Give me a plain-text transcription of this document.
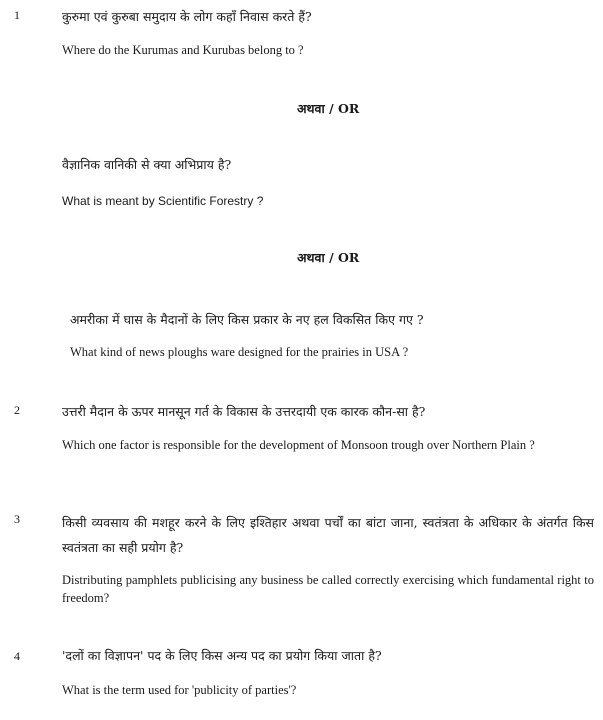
1	कुरुमा एवं कुरुबा समुदाय के लोग कहाँ निवास करते हैं?
Where do the Kurumas and Kurubas belong to ?
अथवा / OR
वैज्ञानिक वानिकी से क्या अभिप्राय है?
What is meant by Scientific Forestry ?
अथवा / OR
अमरीका में घास के मैदानों के लिए किस प्रकार के नए हल विकसित किए गए ?
What kind of news ploughs ware designed for the prairies in USA ?
2	उत्तरी मैदान के ऊपर मानसून गर्त के विकास के उत्तरदायी एक कारक कौन-सा है?
Which one factor is responsible for the development of Monsoon trough over Northern Plain ?
3	किसी व्यवसाय की मशहूर करने के लिए इश्तिहार अथवा पर्चों का बांटा जाना, स्वतंत्रता के अधिकार के अंतर्गत किस स्वतंत्रता का सही प्रयोग है?
Distributing pamphlets publicising any business be called correctly exercising which fundamental right to freedom?
4	'दलों का विज्ञापन' पद के लिए किस अन्य पद का प्रयोग किया जाता है?
What is the term used for 'publicity of parties'?
